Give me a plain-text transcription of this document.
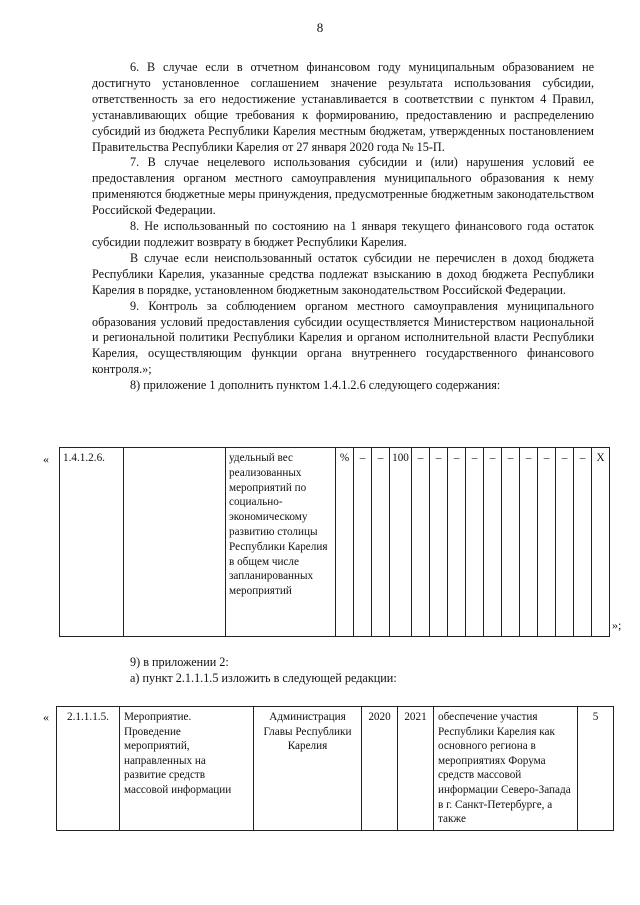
8

6. В случае если в отчетном финансовом году муниципальным образованием не достигнуто установленное соглашением значение результата использования субсидии, ответственность за его недостижение устанавливается в соответствии с пунктом 4 Правил, устанавливающих общие требования к формированию, предоставлению и распределению субсидий из бюджета Республики Карелия местным бюджетам, утвержденных постановлением Правительства Республики Карелия от 27 января 2020 года № 15-П.

7. В случае нецелевого использования субсидии и (или) нарушения условий ее предоставления органом местного самоуправления муниципального образования к нему применяются бюджетные меры принуждения, предусмотренные бюджетным законодательством Российской Федерации.

8. Не использованный по состоянию на 1 января текущего финансового года остаток субсидии подлежит возврату в бюджет Республики Карелия.

В случае если неиспользованный остаток субсидии не перечислен в доход бюджета Республики Карелия, указанные средства подлежат взысканию в доход бюджета Республики Карелия в порядке, установленном бюджетным законодательством Российской Федерации.

9. Контроль за соблюдением органом местного самоуправления муниципального образования условий предоставления субсидии осуществляется Министерством национальной и региональной политики Республики Карелия и органом исполнительной власти Республики Карелия, осуществляющим функции органа внутреннего государственного финансового контроля.»;

8) приложение 1 дополнить пунктом 1.4.1.2.6 следующего содержания:

« 1.4.1.2.6.		удельный вес реализованных мероприятий по социально-экономическому развитию столицы Республики Карелия в общем числе запланированных мероприятий	%	–	–	100	–	–	–	–	–	–	–	–	–	–	Х
»;
9) в приложении 2:
а) пункт 2.1.1.1.5 изложить в следующей редакции:
« 2.1.1.1.5.	Мероприятие. Проведение мероприятий, направленных на развитие средств массовой информации	Администрация Главы Республики Карелия	2020	2021	обеспечение участия Республики Карелия как основного региона в мероприятиях Форума средств массовой информации Северо-Запада в г. Санкт-Петербурге, а также	5
